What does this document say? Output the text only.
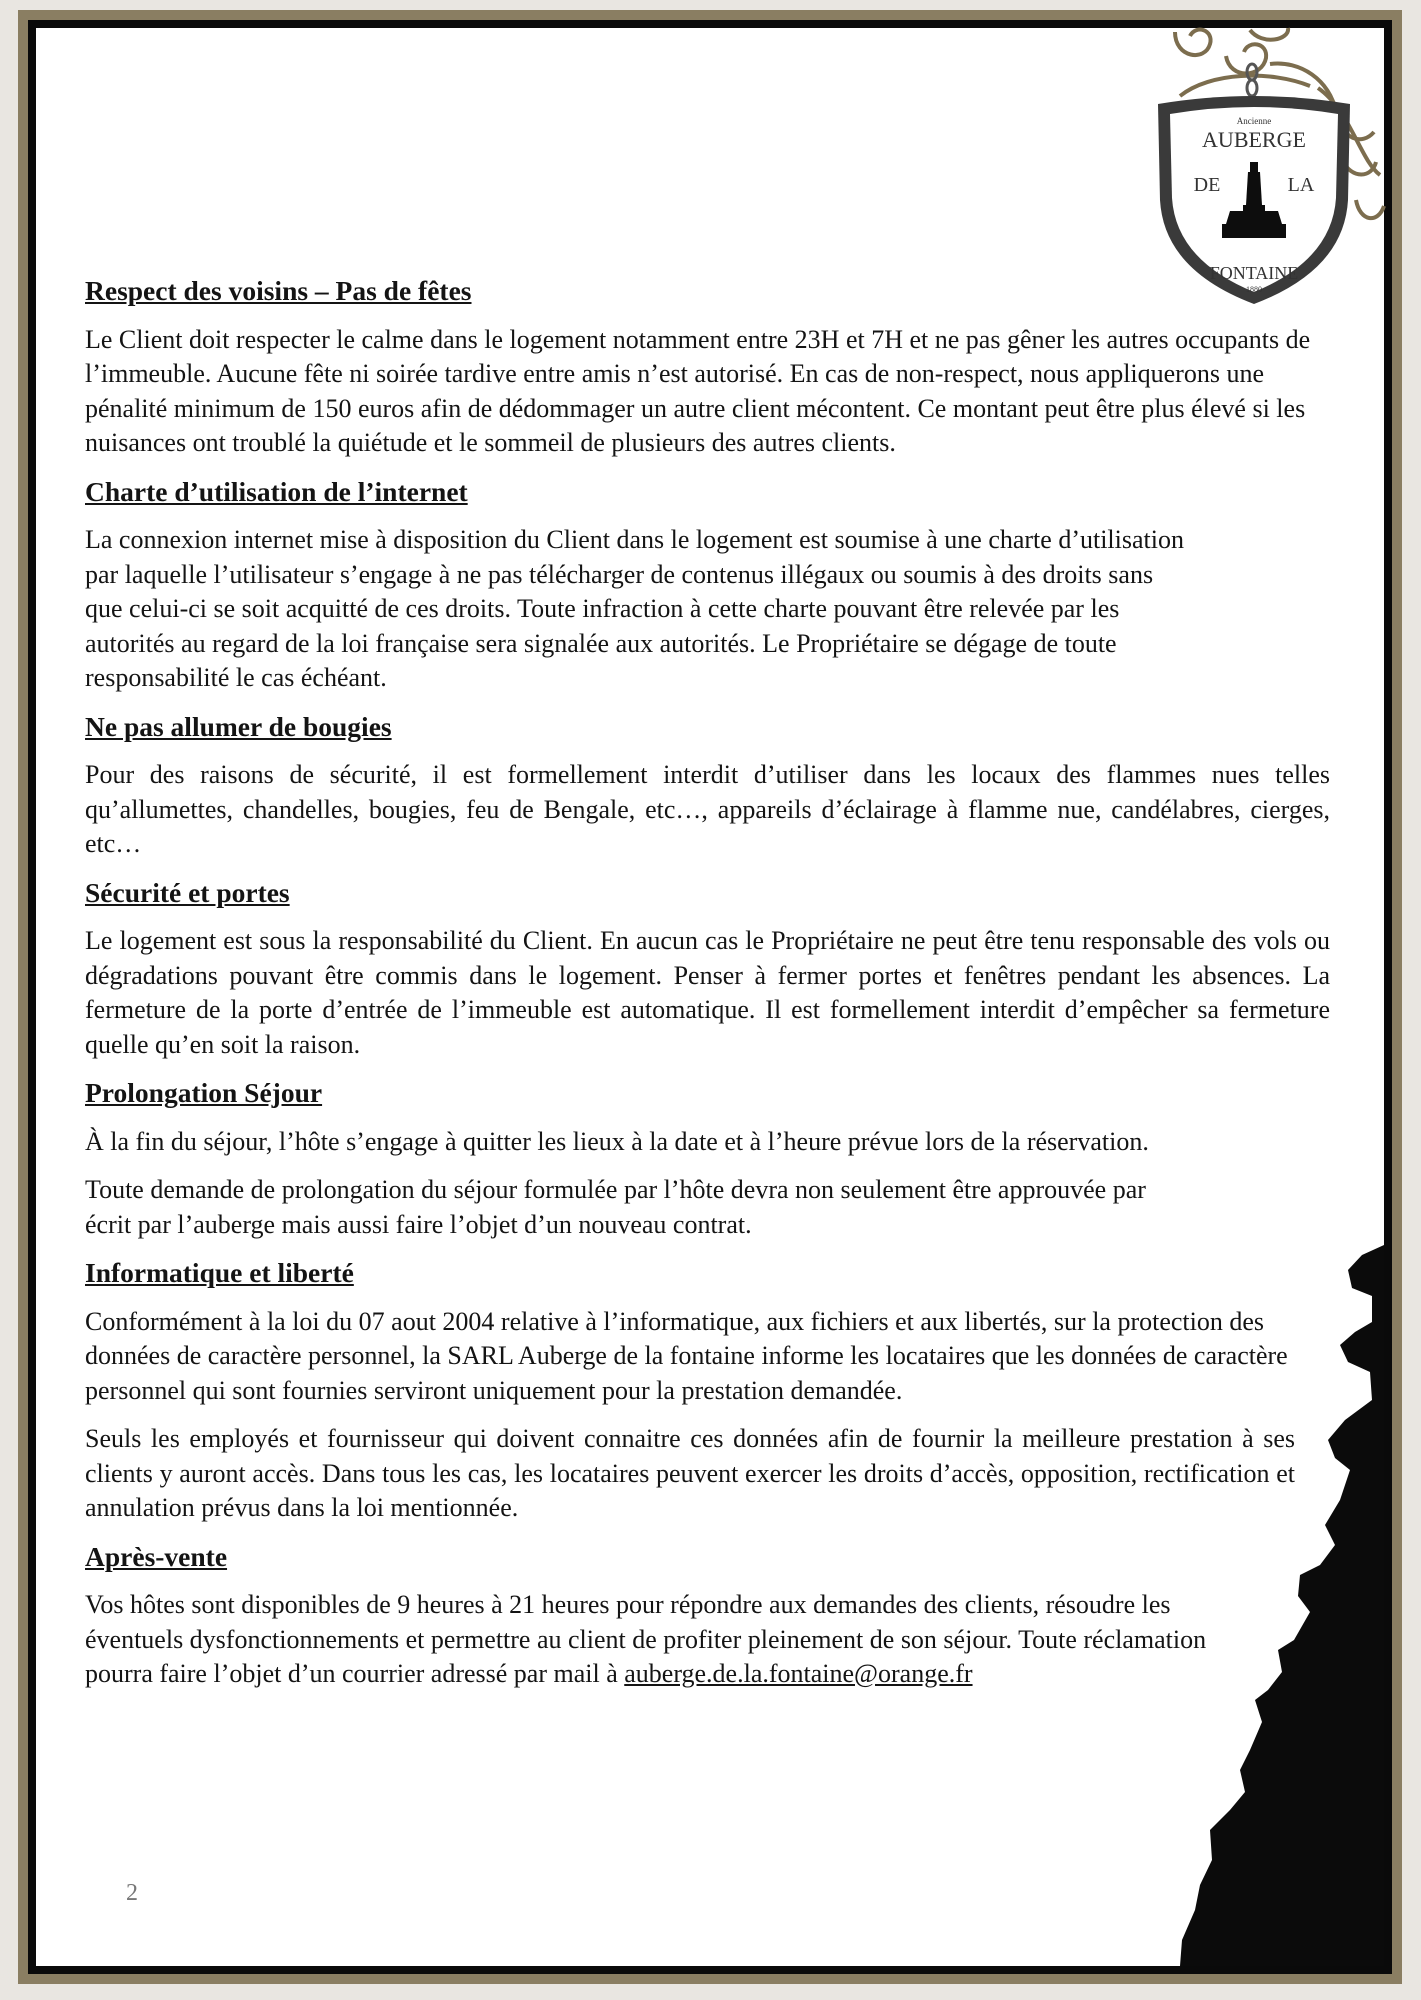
Ancienne
AUBERGE
DE	LA
FONTAINE
1880
Respect des voisins – Pas de fêtes

Le Client doit respecter le calme dans le logement notamment entre 23H et 7H et ne pas gêner les autres occupants de l’immeuble. Aucune fête ni soirée tardive entre amis n’est autorisé. En cas de non-respect, nous appliquerons une pénalité minimum de 150 euros afin de dédommager un autre client mécontent. Ce montant peut être plus élevé si les nuisances ont troublé la quiétude et le sommeil de plusieurs des autres clients.

Charte d’utilisation de l’internet

La connexion internet mise à disposition du Client dans le logement est soumise à une charte d’utilisation par laquelle l’utilisateur s’engage à ne pas télécharger de contenus illégaux ou soumis à des droits sans que celui-ci se soit acquitté de ces droits. Toute infraction à cette charte pouvant être relevée par les autorités au regard de la loi française sera signalée aux autorités. Le Propriétaire se dégage de toute responsabilité le cas échéant.

Ne pas allumer de bougies

Pour des raisons de sécurité, il est formellement interdit d’utiliser dans les locaux des flammes nues telles qu’allumettes, chandelles, bougies, feu de Bengale, etc…, appareils d’éclairage à flamme nue, candélabres, cierges, etc…

Sécurité et portes

Le logement est sous la responsabilité du Client. En aucun cas le Propriétaire ne peut être tenu responsable des vols ou dégradations pouvant être commis dans le logement. Penser à fermer portes et fenêtres pendant les absences. La fermeture de la porte d’entrée de l’immeuble est automatique. Il est formellement interdit d’empêcher sa fermeture quelle qu’en soit la raison.

Prolongation Séjour

À la fin du séjour, l’hôte s’engage à quitter les lieux à la date et à l’heure prévue lors de la réservation.

Toute demande de prolongation du séjour formulée par l’hôte devra non seulement être approuvée par écrit par l’auberge mais aussi faire l’objet d’un nouveau contrat.

Informatique et liberté

Conformément à la loi du 07 aout 2004 relative à l’informatique, aux fichiers et aux libertés, sur la protection des données de caractère personnel, la SARL Auberge de la fontaine informe les locataires que les données de caractère personnel qui sont fournies serviront uniquement pour la prestation demandée.

Seuls les employés et fournisseur qui doivent connaitre ces données afin de fournir la meilleure prestation à ses clients y auront accès. Dans tous les cas, les locataires peuvent exercer les droits d’accès, opposition, rectification et annulation prévus dans la loi mentionnée.

Après-vente

Vos hôtes sont disponibles de 9 heures à 21 heures pour répondre aux demandes des clients, résoudre les éventuels dysfonctionnements et permettre au client de profiter pleinement de son séjour. Toute réclamation pourra faire l’objet d’un courrier adressé par mail à auberge.de.la.fontaine@orange.fr

2
